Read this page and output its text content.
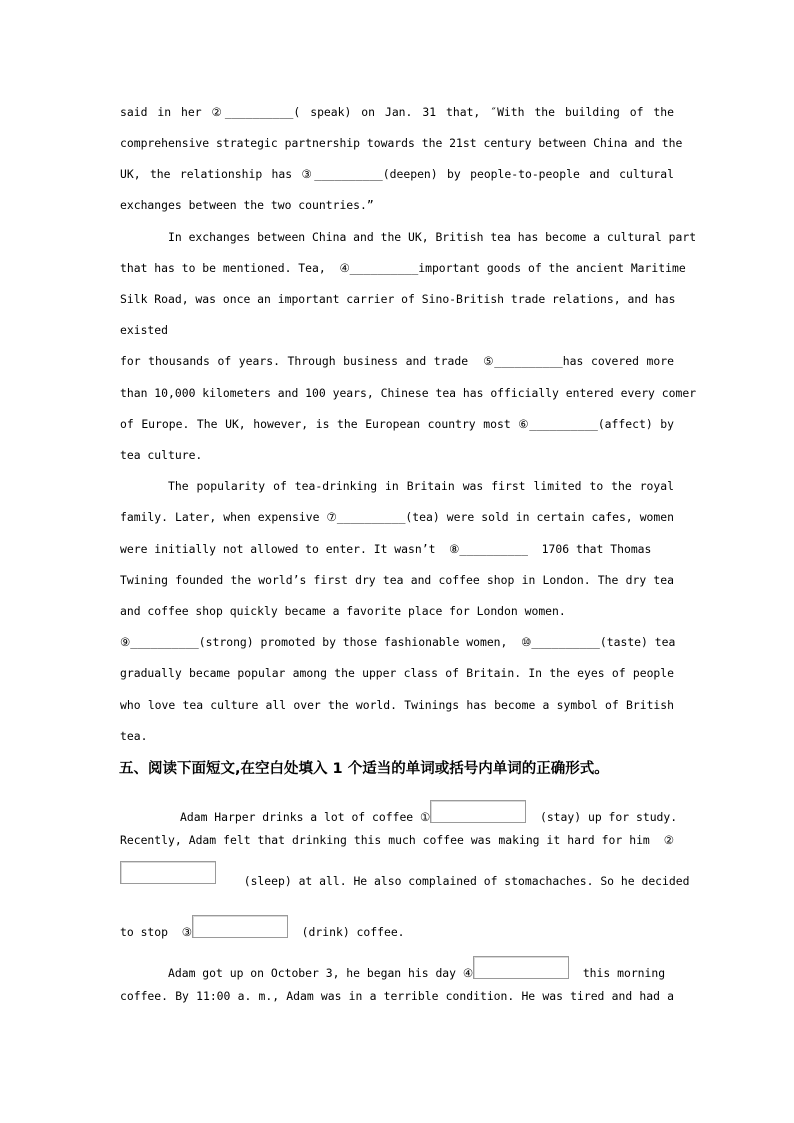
said in her ②__________( speak) on Jan. 31 that, ″With the building of the
comprehensive strategic partnership towards the 21st century between China and the
UK, the relationship has ③__________(deepen) by people-to-people and cultural
exchanges between the two countries.”
In exchanges between China and the UK, British tea has become a cultural part
that has to be mentioned. Tea,  ④__________important goods of the ancient Maritime
Silk Road, was once an important carrier of Sino-British trade relations, and has
existed
for thousands of years. Through business and trade  ⑤__________has covered more
than 10,000 kilometers and 100 years, Chinese tea has officially entered every comer
of Europe. The UK, however, is the European country most ⑥__________(affect) by
tea culture.
The popularity of tea-drinking in Britain was first limited to the royal
family. Later, when expensive ⑦__________(tea) were sold in certain cafes, women
were initially not allowed to enter. It wasn’t  ⑧__________  1706 that Thomas
Twining founded the world’s first dry tea and coffee shop in London. The dry tea
and coffee shop quickly became a favorite place for London women.
⑨__________(strong) promoted by those fashionable women,  ⑩__________(taste) tea
gradually became popular among the upper class of Britain. In the eyes of people
who love tea culture all over the world. Twinings has become a symbol of British
tea.
五、阅读下面短文,在空白处填入 1 个适当的单词或括号内单词的正确形式。
Adam Harper drinks a lot of coffee ①	(stay) up for study.
Recently, Adam felt that drinking this much coffee was making it hard for him  ②
(sleep) at all. He also complained of stomachaches. So he decided
to stop  ③	(drink) coffee.
Adam got up on October 3, he began his day ④	this morning
coffee. By 11:00 a. m., Adam was in a terrible condition. He was tired and had a
